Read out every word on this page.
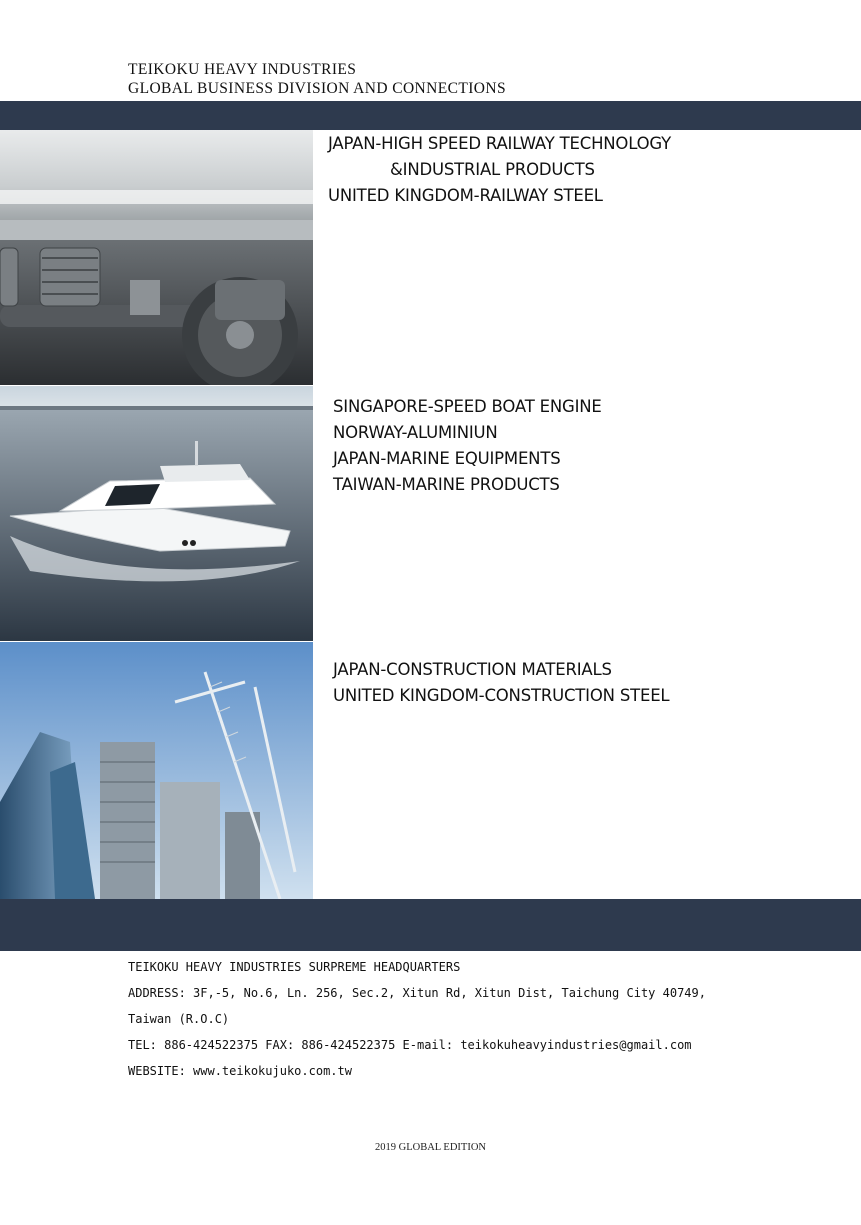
TEIKOKU HEAVY INDUSTRIES
GLOBAL BUSINESS DIVISION AND CONNECTIONS
JAPAN-HIGH SPEED RAILWAY TECHNOLOGY
&INDUSTRIAL PRODUCTS
UNITED KINGDOM-RAILWAY STEEL
SINGAPORE-SPEED BOAT ENGINE
NORWAY-ALUMINIUN
JAPAN-MARINE EQUIPMENTS
TAIWAN-MARINE PRODUCTS
JAPAN-CONSTRUCTION MATERIALS
UNITED KINGDOM-CONSTRUCTION STEEL
TEIKOKU HEAVY INDUSTRIES SURPREME HEADQUARTERS
ADDRESS: 3F,-5, No.6, Ln. 256, Sec.2, Xitun Rd, Xitun Dist, Taichung City 40749,
Taiwan (R.O.C)
TEL: 886-424522375 FAX: 886-424522375 E-mail: teikokuheavyindustries@gmail.com
WEBSITE: www.teikokujuko.com.tw
2019 GLOBAL EDITION
